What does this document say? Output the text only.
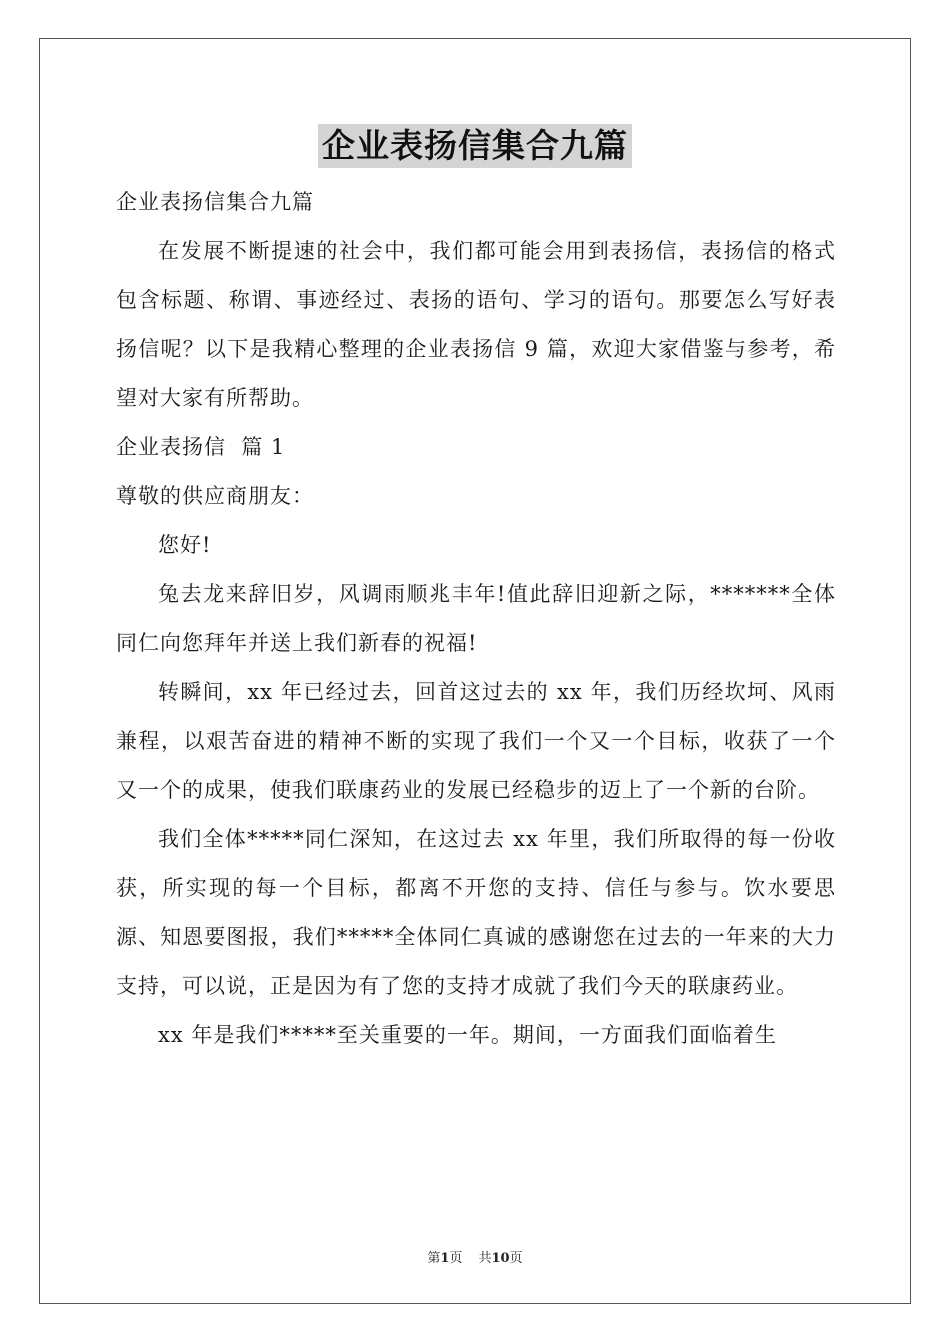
企业表扬信集合九篇

企业表扬信集合九篇

在发展不断提速的社会中，我们都可能会用到表扬信，表扬信的格式包含标题、称谓、事迹经过、表扬的语句、学习的语句。那要怎么写好表扬信呢？以下是我精心整理的企业表扬信 9 篇，欢迎大家借鉴与参考，希望对大家有所帮助。

企业表扬信  篇 1

尊敬的供应商朋友：

您好!

兔去龙来辞旧岁，风调雨顺兆丰年!值此辞旧迎新之际，*******全体同仁向您拜年并送上我们新春的祝福!

转瞬间，xx 年已经过去，回首这过去的 xx 年，我们历经坎坷、风雨兼程，以艰苦奋进的精神不断的实现了我们一个又一个目标，收获了一个又一个的成果，使我们联康药业的发展已经稳步的迈上了一个新的台阶。

我们全体*****同仁深知，在这过去 xx 年里，我们所取得的每一份收获，所实现的每一个目标，都离不开您的支持、信任与参与。饮水要思源、知恩要图报，我们*****全体同仁真诚的感谢您在过去的一年来的大力支持，可以说，正是因为有了您的支持才成就了我们今天的联康药业。

xx 年是我们*****至关重要的一年。期间，一方面我们面临着生

第1页 共10页
